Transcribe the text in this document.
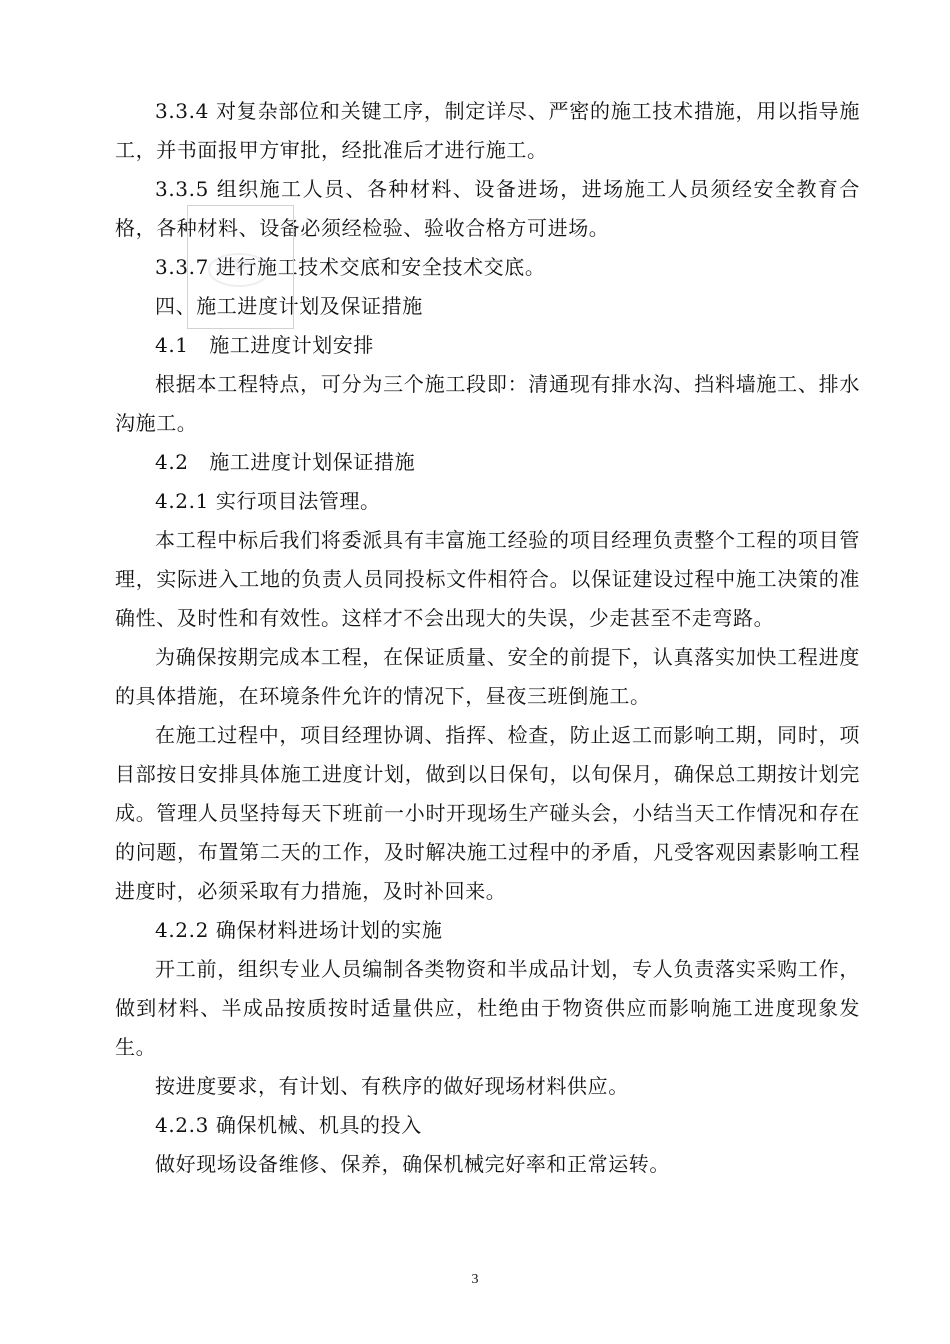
3.3.4 对复杂部位和关键工序，制定详尽、严密的施工技术措施，用以指导施工，并书面报甲方审批，经批准后才进行施工。

3.3.5 组织施工人员、各种材料、设备进场，进场施工人员须经安全教育合格，各种材料、设备必须经检验、验收合格方可进场。

3.3.7 进行施工技术交底和安全技术交底。

四、施工进度计划及保证措施

4.1　施工进度计划安排

根据本工程特点，可分为三个施工段即：清通现有排水沟、挡料墙施工、排水沟施工。

4.2　施工进度计划保证措施

4.2.1 实行项目法管理。

本工程中标后我们将委派具有丰富施工经验的项目经理负责整个工程的项目管理，实际进入工地的负责人员同投标文件相符合。以保证建设过程中施工决策的准确性、及时性和有效性。这样才不会出现大的失误，少走甚至不走弯路。

为确保按期完成本工程，在保证质量、安全的前提下，认真落实加快工程进度的具体措施，在环境条件允许的情况下，昼夜三班倒施工。

在施工过程中，项目经理协调、指挥、检查，防止返工而影响工期，同时，项目部按日安排具体施工进度计划，做到以日保旬，以旬保月，确保总工期按计划完成。管理人员坚持每天下班前一小时开现场生产碰头会，小结当天工作情况和存在的问题，布置第二天的工作，及时解决施工过程中的矛盾，凡受客观因素影响工程进度时，必须采取有力措施，及时补回来。

4.2.2 确保材料进场计划的实施

开工前，组织专业人员编制各类物资和半成品计划，专人负责落实采购工作，做到材料、半成品按质按时适量供应，杜绝由于物资供应而影响施工进度现象发生。

按进度要求，有计划、有秩序的做好现场材料供应。

4.2.3 确保机械、机具的投入

做好现场设备维修、保养，确保机械完好率和正常运转。

3
